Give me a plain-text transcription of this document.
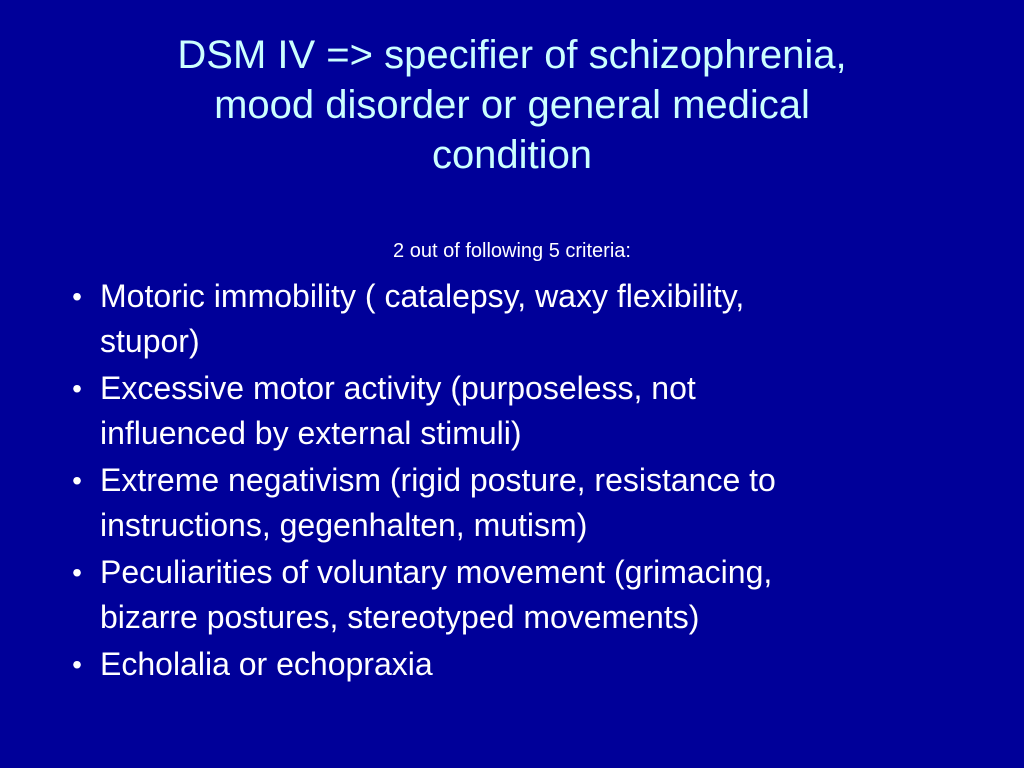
DSM IV => specifier of schizophrenia,
mood disorder or general medical
condition
2 out of following 5 criteria:
• Motoric immobility ( catalepsy, waxy flexibility,
stupor)
• Excessive motor activity (purposeless, not
influenced by external stimuli)
• Extreme negativism (rigid posture, resistance to
instructions, gegenhalten, mutism)
• Peculiarities of voluntary movement (grimacing,
bizarre postures, stereotyped movements)
• Echolalia or echopraxia
